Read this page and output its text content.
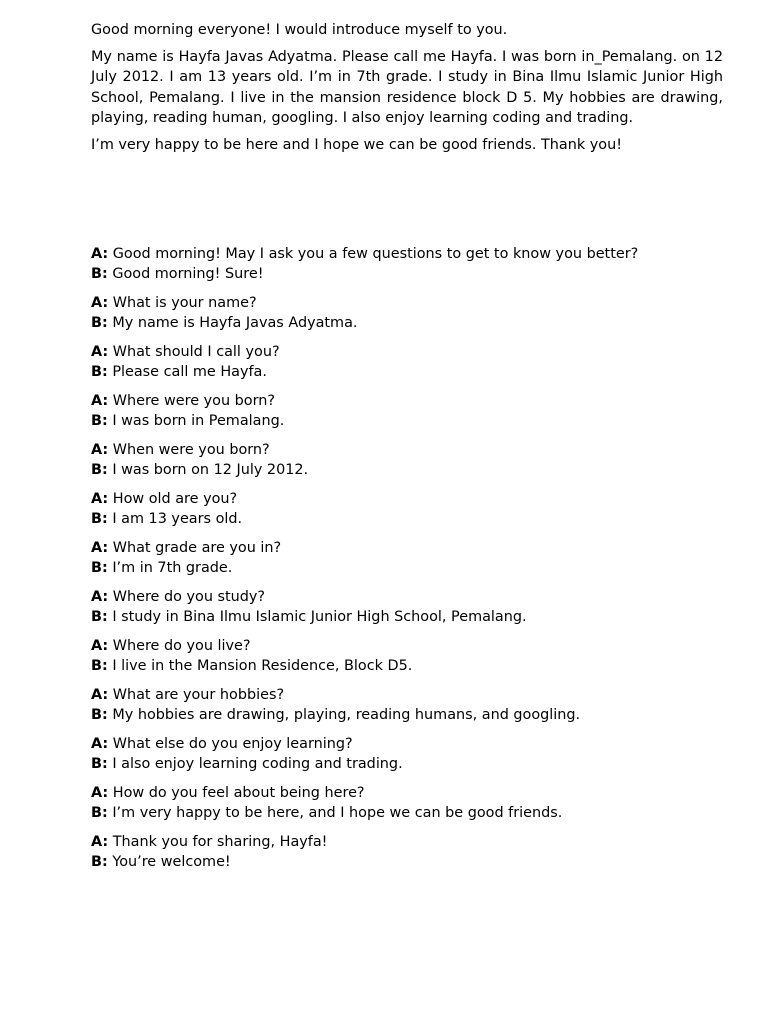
Good morning everyone! I would introduce myself to you.

My name is Hayfa Javas Adyatma. Please call me Hayfa. I was born in_Pemalang. on 12 July 2012. I am 13 years old. I’m in 7th grade. I study in Bina Ilmu Islamic Junior High School, Pemalang. I live in the mansion residence block D 5. My hobbies are drawing, playing, reading human, googling. I also enjoy learning coding and trading.

I’m very happy to be here and I hope we can be good friends. Thank you!

A: Good morning! May I ask you a few questions to get to know you better?
B: Good morning! Sure!
A: What is your name?
B: My name is Hayfa Javas Adyatma.
A: What should I call you?
B: Please call me Hayfa.
A: Where were you born?
B: I was born in Pemalang.
A: When were you born?
B: I was born on 12 July 2012.
A: How old are you?
B: I am 13 years old.
A: What grade are you in?
B: I’m in 7th grade.
A: Where do you study?
B: I study in Bina Ilmu Islamic Junior High School, Pemalang.
A: Where do you live?
B: I live in the Mansion Residence, Block D5.
A: What are your hobbies?
B: My hobbies are drawing, playing, reading humans, and googling.
A: What else do you enjoy learning?
B: I also enjoy learning coding and trading.
A: How do you feel about being here?
B: I’m very happy to be here, and I hope we can be good friends.
A: Thank you for sharing, Hayfa!
B: You’re welcome!
